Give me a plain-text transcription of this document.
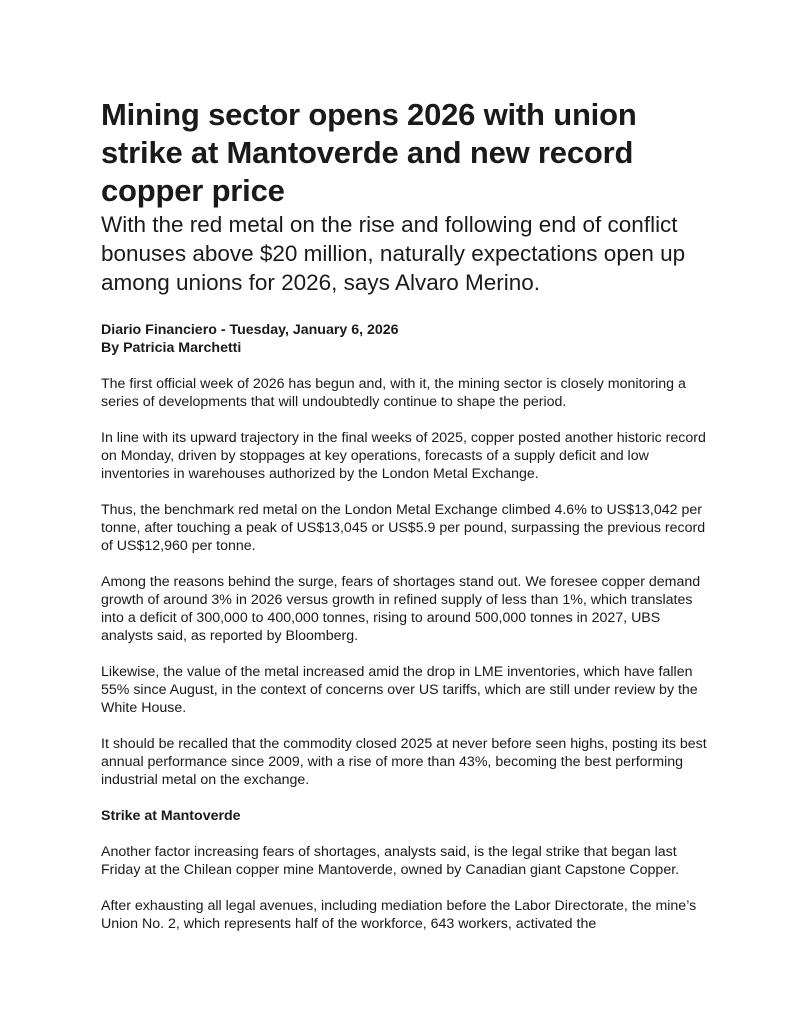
Mining sector opens 2026 with union strike at Mantoverde and new record copper price
With the red metal on the rise and following end of conflict bonuses above $20 million, naturally expectations open up among unions for 2026, says Alvaro Merino.
Diario Financiero - Tuesday, January 6, 2026
By Patricia Marchetti

The first official week of 2026 has begun and, with it, the mining sector is closely monitoring a series of developments that will undoubtedly continue to shape the period.

In line with its upward trajectory in the final weeks of 2025, copper posted another historic record on Monday, driven by stoppages at key operations, forecasts of a supply deficit and low inventories in warehouses authorized by the London Metal Exchange.

Thus, the benchmark red metal on the London Metal Exchange climbed 4.6% to US$13,042 per tonne, after touching a peak of US$13,045 or US$5.9 per pound, surpassing the previous record of US$12,960 per tonne.

Among the reasons behind the surge, fears of shortages stand out. We foresee copper demand growth of around 3% in 2026 versus growth in refined supply of less than 1%, which translates into a deficit of 300,000 to 400,000 tonnes, rising to around 500,000 tonnes in 2027, UBS analysts said, as reported by Bloomberg.

Likewise, the value of the metal increased amid the drop in LME inventories, which have fallen 55% since August, in the context of concerns over US tariffs, which are still under review by the White House.

It should be recalled that the commodity closed 2025 at never before seen highs, posting its best annual performance since 2009, with a rise of more than 43%, becoming the best performing industrial metal on the exchange.

Strike at Mantoverde

Another factor increasing fears of shortages, analysts said, is the legal strike that began last Friday at the Chilean copper mine Mantoverde, owned by Canadian giant Capstone Copper.

After exhausting all legal avenues, including mediation before the Labor Directorate, the mine’s Union No. 2, which represents half of the workforce, 643 workers, activated the
